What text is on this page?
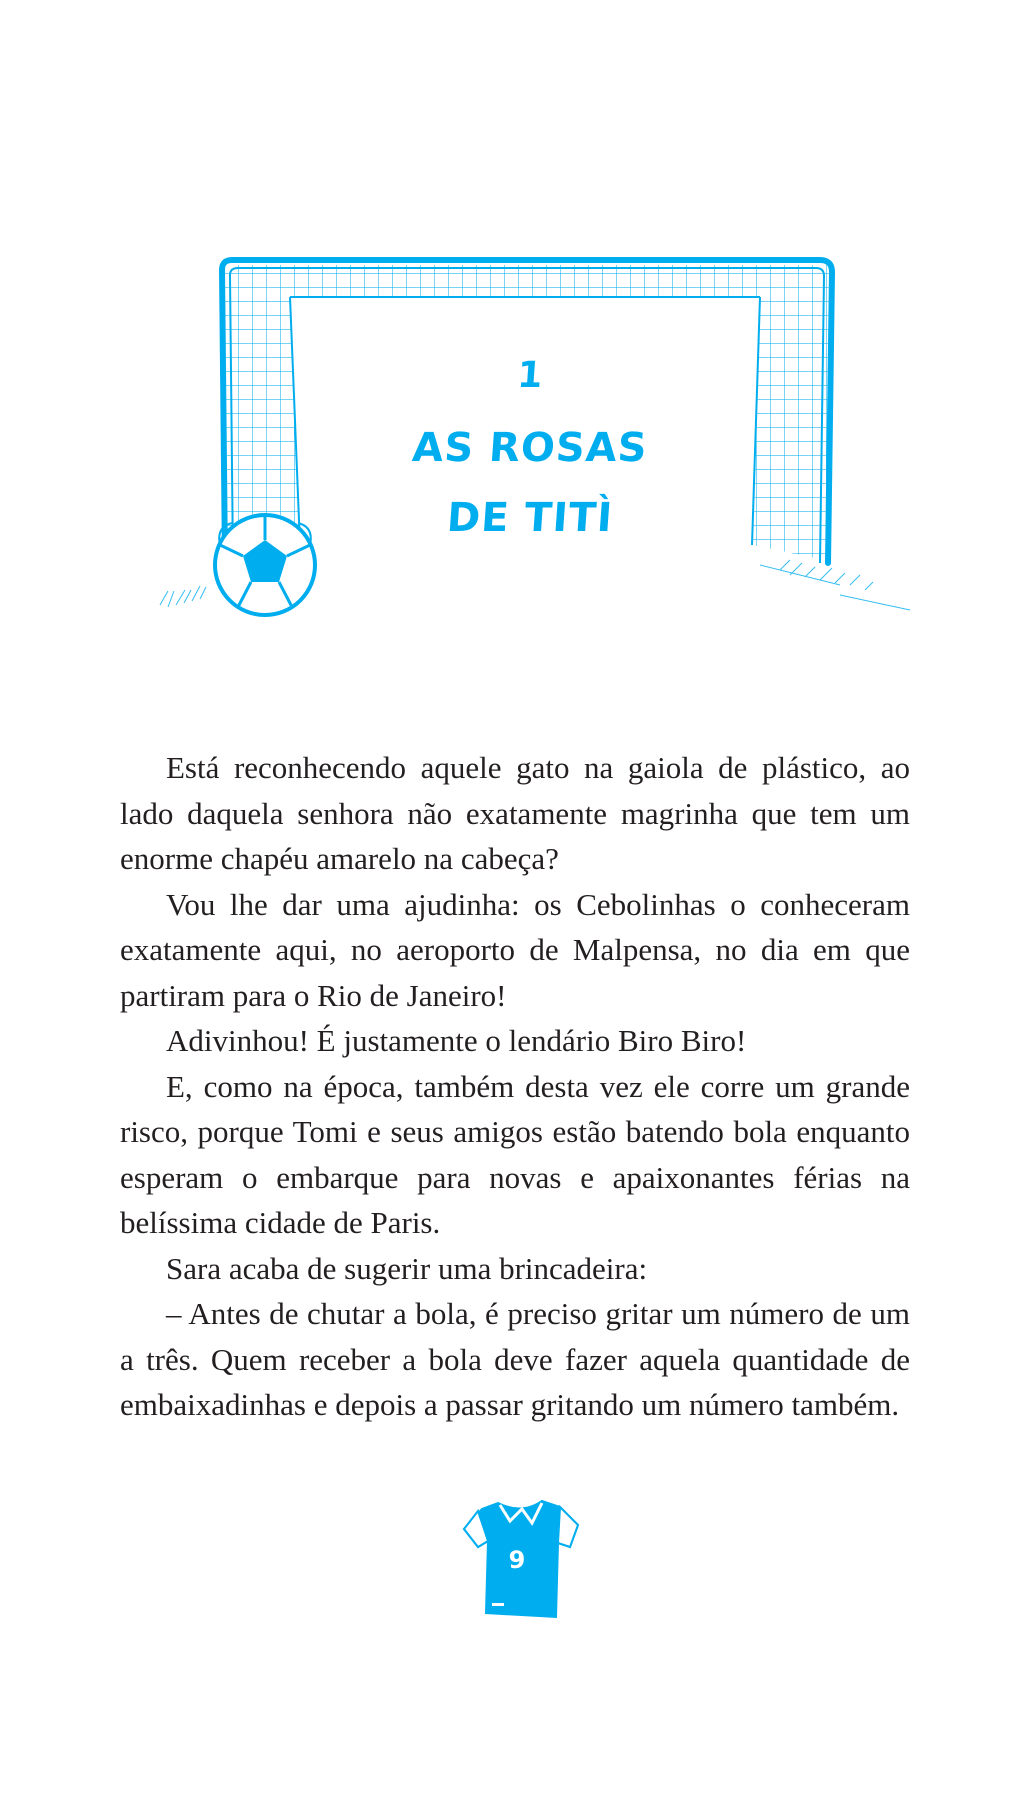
1
AS ROSAS
DE TITÌ

Está reconhecendo aquele gato na gaiola de plástico, ao lado daquela senhora não exatamente magrinha que tem um enorme chapéu amarelo na cabeça?

Vou lhe dar uma ajudinha: os Cebolinhas o conheceram exatamente aqui, no aeroporto de Malpensa, no dia em que partiram para o Rio de Janeiro!

Adivinhou! É justamente o lendário Biro Biro!

E, como na época, também desta vez ele corre um grande risco, porque Tomi e seus amigos estão batendo bola enquanto esperam o embarque para novas e apaixonantes férias na belíssima cidade de Paris.

Sara acaba de sugerir uma brincadeira:

– Antes de chutar a bola, é preciso gritar um número de um a três. Quem receber a bola deve fazer aquela quantidade de embaixadinhas e depois a passar gritando um número também.

9
